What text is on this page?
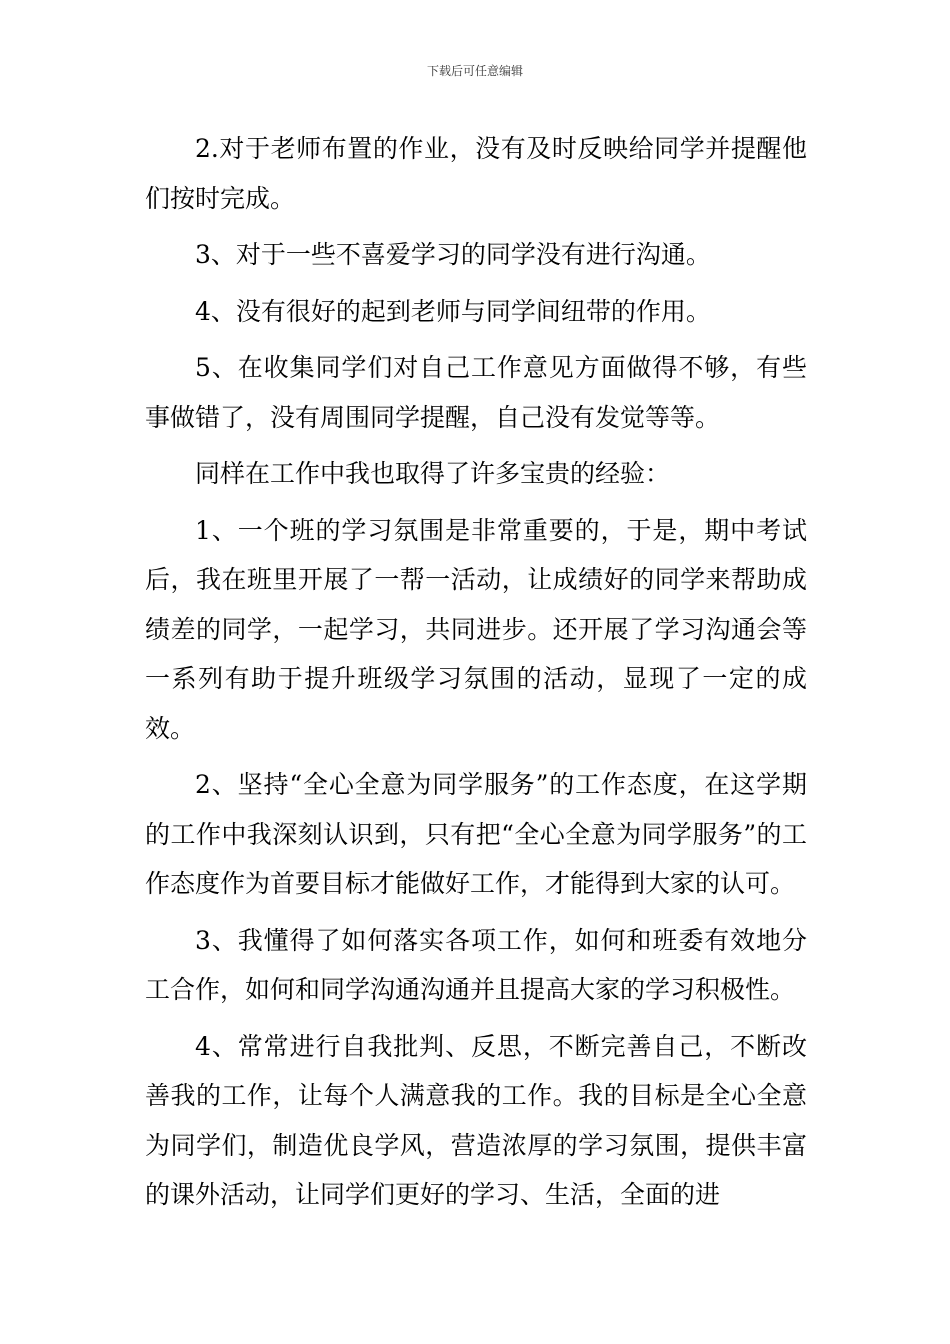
下载后可任意编辑

2.对于老师布置的作业，没有及时反映给同学并提醒他们按时完成。

3、对于一些不喜爱学习的同学没有进行沟通。

4、没有很好的起到老师与同学间纽带的作用。

5、在收集同学们对自己工作意见方面做得不够，有些事做错了，没有周围同学提醒，自己没有发觉等等。

同样在工作中我也取得了许多宝贵的经验：

1、一个班的学习氛围是非常重要的，于是，期中考试后，我在班里开展了一帮一活动，让成绩好的同学来帮助成绩差的同学，一起学习，共同进步。还开展了学习沟通会等一系列有助于提升班级学习氛围的活动，显现了一定的成效。

2、坚持“全心全意为同学服务”的工作态度，在这学期的工作中我深刻认识到，只有把“全心全意为同学服务”的工作态度作为首要目标才能做好工作，才能得到大家的认可。

3、我懂得了如何落实各项工作，如何和班委有效地分工合作，如何和同学沟通沟通并且提高大家的学习积极性。

4、常常进行自我批判、反思，不断完善自己，不断改善我的工作，让每个人满意我的工作。我的目标是全心全意为同学们，制造优良学风，营造浓厚的学习氛围，提供丰富的课外活动，让同学们更好的学习、生活，全面的进
